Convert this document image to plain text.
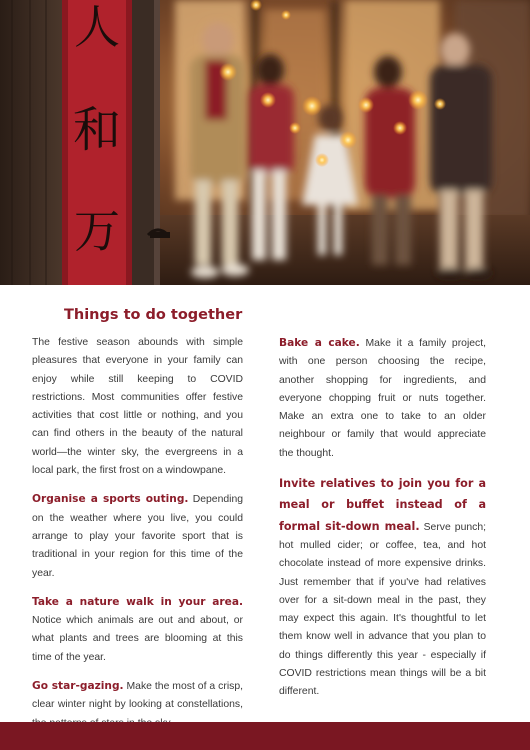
人
和
万
Things to do together

The festive season abounds with simple pleasures that everyone in your family can enjoy while still keeping to COVID restrictions. Most communities offer festive activities that cost little or nothing, and you can find others in the beauty of the natural world—the winter sky, the evergreens in a local park, the first frost on a windowpane.

Organise a sports outing. Depending on the weather where you live, you could arrange to play your favorite sport that is traditional in your region for this time of the year.

Take a nature walk in your area. Notice which animals are out and about, or what plants and trees are blooming at this time of the year.

Go star-gazing. Make the most of a crisp, clear winter night by looking at constellations,

Bake a cake. Make it a family project, with one person choosing the recipe, another shopping for ingredients, and everyone chopping fruit or nuts together. Make an extra one to take to an older neighbour or family that would appreciate the thought.

Invite relatives to join you for a meal or buffet instead of a formal sit-down meal. Serve punch; hot mulled cider; or coffee, tea, and hot chocolate instead of more expensive drinks. Just remember that if you've had relatives over for a sit-down meal in the past, they may expect this again. It's thoughtful to let them know well in advance that you plan to do things differently this year - especially if COVID restrictions mean things will be a bit different.
